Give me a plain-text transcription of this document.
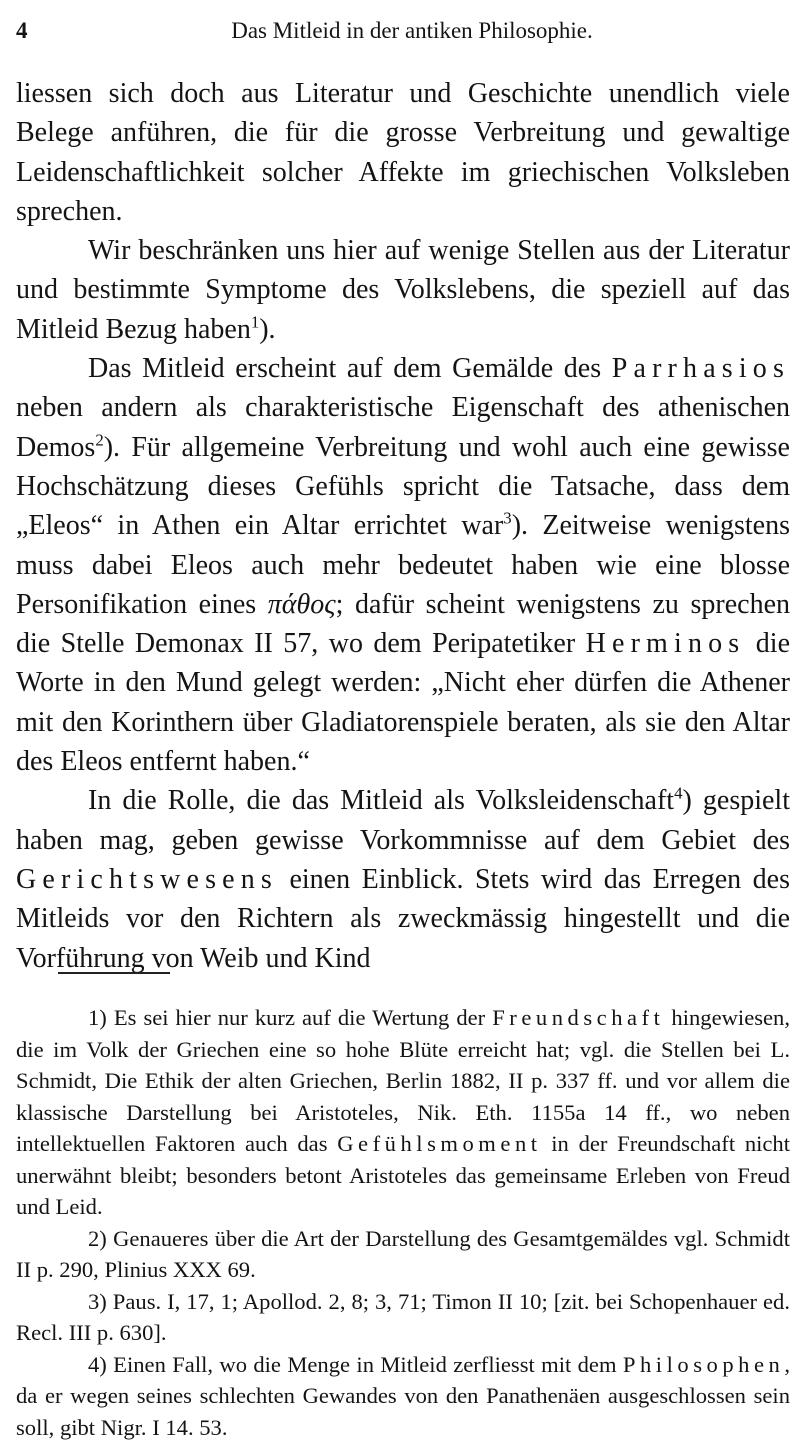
4	Das Mitleid in der antiken Philosophie.

liessen sich doch aus Literatur und Geschichte unendlich viele Belege anführen, die für die grosse Verbreitung und gewaltige Leidenschaftlichkeit solcher Affekte im griechischen Volksleben sprechen.

Wir beschränken uns hier auf wenige Stellen aus der Literatur und bestimmte Symptome des Volkslebens, die speziell auf das Mitleid Bezug haben$^1$).

Das Mitleid erscheint auf dem Gemälde des Parrhasios neben andern als charakteristische Eigenschaft des athenischen Demos$^2$). Für allgemeine Verbreitung und wohl auch eine gewisse Hochschätzung dieses Gefühls spricht die Tatsache, dass dem „Eleos“ in Athen ein Altar errichtet war$^3$). Zeitweise wenigstens muss dabei Eleos auch mehr bedeutet haben wie eine blosse Personifikation eines πάθος; dafür scheint wenigstens zu sprechen die Stelle Demonax II 57, wo dem Peripatetiker Herminos die Worte in den Mund gelegt werden: „Nicht eher dürfen die Athener mit den Korinthern über Gladiatorenspiele beraten, als sie den Altar des Eleos entfernt haben.“

In die Rolle, die das Mitleid als Volksleidenschaft$^4$) gespielt haben mag, geben gewisse Vorkommnisse auf dem Gebiet des Gerichtswesens einen Einblick. Stets wird das Erregen des Mitleids vor den Richtern als zweckmässig hingestellt und die Vorführung von Weib und Kind

1) Es sei hier nur kurz auf die Wertung der Freundschaft hingewiesen, die im Volk der Griechen eine so hohe Blüte erreicht hat; vgl. die Stellen bei L. Schmidt, Die Ethik der alten Griechen, Berlin 1882, II p. 337 ff. und vor allem die klassische Darstellung bei Aristoteles, Nik. Eth. 1155a 14 ff., wo neben intellektuellen Faktoren auch das Gefühlsmoment in der Freundschaft nicht unerwähnt bleibt; besonders betont Aristoteles das gemeinsame Erleben von Freud und Leid.

2) Genaueres über die Art der Darstellung des Gesamtgemäldes vgl. Schmidt II p. 290, Plinius XXX 69.

3) Paus. I, 17, 1; Apollod. 2, 8; 3, 71; Timon II 10; [zit. bei Schopenhauer ed. Recl. III p. 630].

4) Einen Fall, wo die Menge in Mitleid zerfliesst mit dem Philosophen, da er wegen seines schlechten Gewandes von den Panathenäen ausgeschlossen sein soll, gibt Nigr. I 14. 53.
